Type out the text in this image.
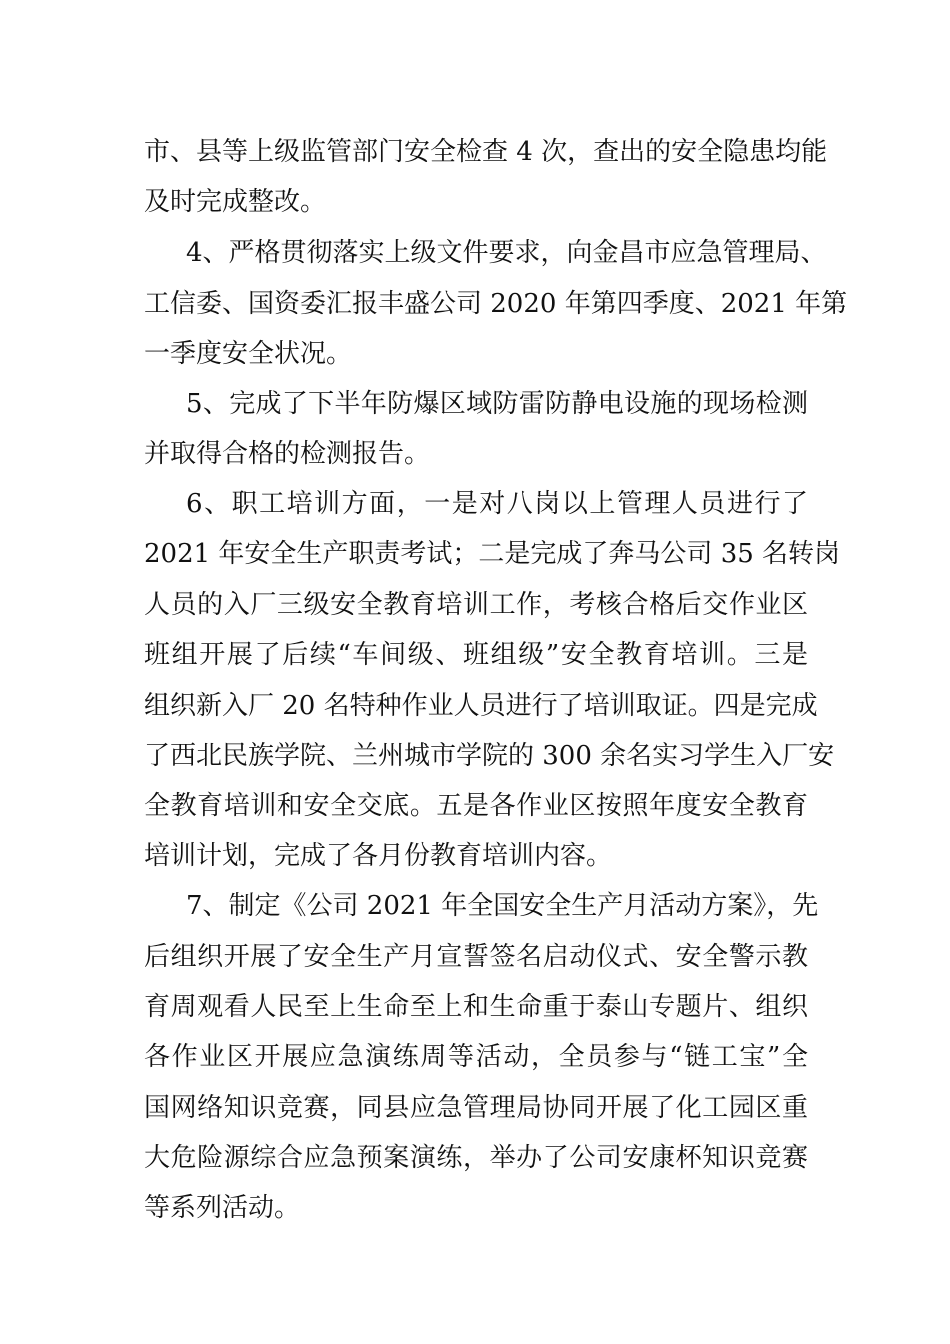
市、县等上级监管部门安全检查 4 次，查出的安全隐患均能
及时完成整改。
4、严格贯彻落实上级文件要求，向金昌市应急管理局、
工信委、国资委汇报丰盛公司 2020 年第四季度、2021 年第
一季度安全状况。
5、完成了下半年防爆区域防雷防静电设施的现场检测
并取得合格的检测报告。
6、职工培训方面，一是对八岗以上管理人员进行了
2021 年安全生产职责考试；二是完成了奔马公司 35 名转岗
人员的入厂三级安全教育培训工作，考核合格后交作业区
班组开展了后续“车间级、班组级”安全教育培训。三是
组织新入厂 20 名特种作业人员进行了培训取证。四是完成
了西北民族学院、兰州城市学院的 300 余名实习学生入厂安
全教育培训和安全交底。五是各作业区按照年度安全教育
培训计划，完成了各月份教育培训内容。
7、制定《公司 2021 年全国安全生产月活动方案》，先
后组织开展了安全生产月宣誓签名启动仪式、安全警示教
育周观看人民至上生命至上和生命重于泰山专题片、组织
各作业区开展应急演练周等活动，全员参与“链工宝”全
国网络知识竞赛，同县应急管理局协同开展了化工园区重
大危险源综合应急预案演练，举办了公司安康杯知识竞赛
等系列活动。
